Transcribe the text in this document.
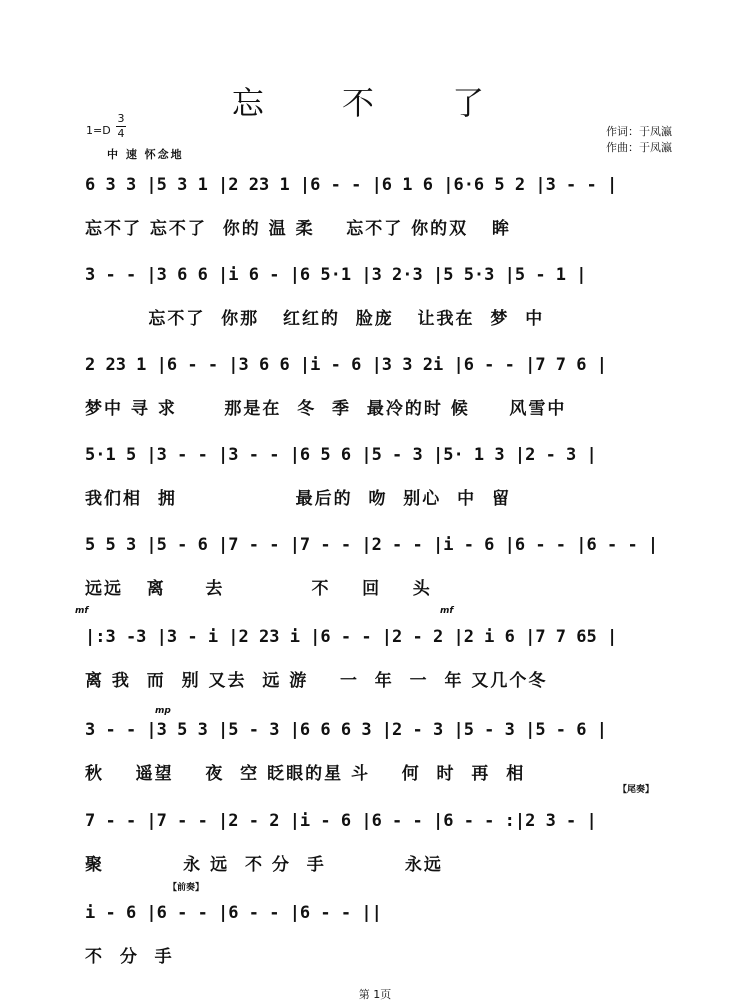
忘 不 了
1=D
3
4
中 速 怀念地
作词：于凤瀛
作曲：于凤瀛
6 3 3 |5 3 1 |2 23 1 |6 - - |6 1 6 |6·6 5 2 |3 - - |
忘不了 忘不了  你的 温 柔    忘不了 你的双   眸
3 - - |3 6 6 |i 6 - |6 5·1 |3 2·3 |5 5·3 |5 - 1 |
忘不了  你那   红红的  脸庞   让我在  梦  中
2 23 1 |6 - - |3 6 6 |i - 6 |3 3 2i |6 - - |7 7 6 |
梦中 寻 求      那是在  冬  季  最冷的时 候     风雪中
5·1 5 |3 - - |3 - - |6 5 6 |5 - 3 |5· 1 3 |2 - 3 |
我们相  拥               最后的  吻  别心  中  留
5 5 3 |5 - 6 |7 - - |7 - - |2 - - |i - 6 |6 - - |6 - - |
远远   离     去           不    回    头
mf	mf
|:3 -3 |3 - i |2 23 i |6 - - |2 - 2 |2 i 6 |7 7 65 |
离 我  而  别 又去  远 游    一  年  一  年 又几个冬
mp
3 - - |3 5 3 |5 - 3 |6 6 6 3 |2 - 3 |5 - 3 |5 - 6 |
秋    遥望    夜  空 眨眼的星 斗    何  时  再  相
【尾奏】
7 - - |7 - - |2 - 2 |i - 6 |6 - - |6 - - :|2 3 - |
聚          永 远  不 分  手          永远
【前奏】
i - 6 |6 - - |6 - - |6 - - ||
不  分  手
第 1页
